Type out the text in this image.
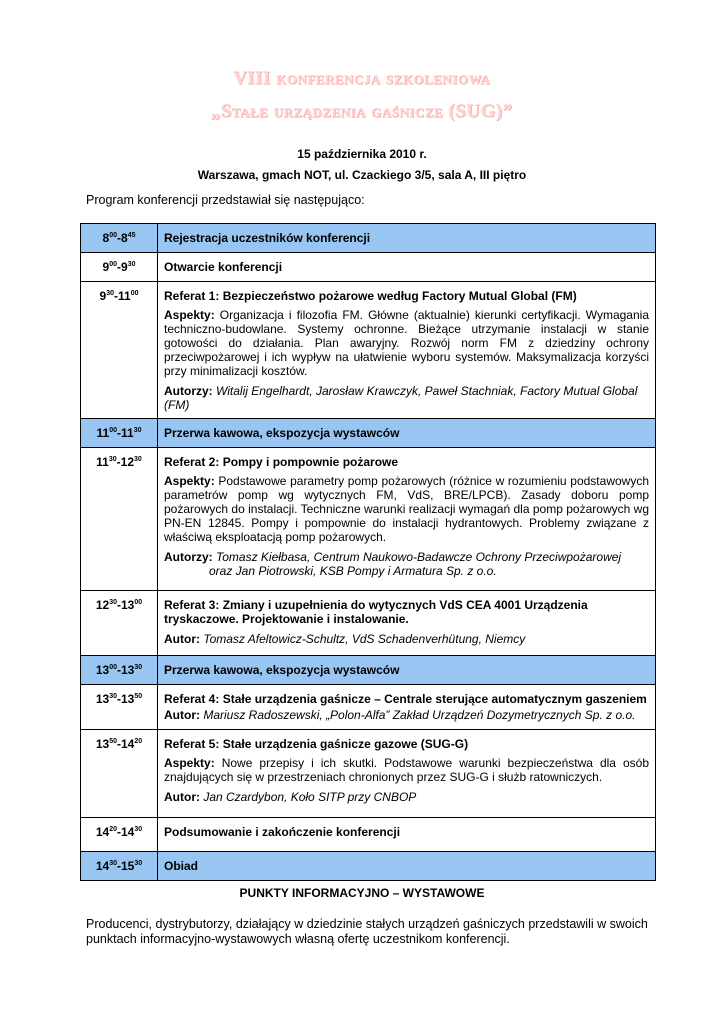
VIII konferencja szkoleniowa
„Stałe urządzenia gaśnicze (SUG)”
15 października 2010 r.
Warszawa, gmach NOT, ul. Czackiego 3/5, sala A, III piętro
Program konferencji przedstawiał się następująco:
$8^{00}-8^{45}$	Rejestracja uczestników konferencji

$9^{00}-9^{30}$	Otwarcie konferencji

$9^{30}-11^{00}$	Referat 1: Bezpieczeństwo pożarowe według Factory Mutual Global (FM)
Aspekty: Organizacja i filozofia FM. Główne (aktualnie) kierunki certyfikacji. Wymagania techniczno-budowlane. Systemy ochronne. Bieżące utrzymanie instalacji w stanie gotowości do działania. Plan awaryjny. Rozwój norm FM z dziedziny ochrony przeciwpożarowej i ich wypływ na ułatwienie wyboru systemów. Maksymalizacja korzyści przy minimalizacji kosztów.
Autorzy: Witalij Engelhardt, Jarosław Krawczyk, Paweł Stachniak, Factory Mutual Global (FM)

$11^{00}-11^{30}$	Przerwa kawowa, ekspozycja wystawców

$11^{30}-12^{30}$	Referat 2: Pompy i pompownie pożarowe
Aspekty: Podstawowe parametry pomp pożarowych (różnice w rozumieniu podstawowych parametrów pomp wg wytycznych FM, VdS, BRE/LPCB). Zasady doboru pomp pożarowych do instalacji. Techniczne warunki realizacji wymagań dla pomp pożarowych wg PN-EN 12845. Pompy i pompownie do instalacji hydrantowych. Problemy związane z właściwą eksploatacją pomp pożarowych.
Autorzy: Tomasz Kiełbasa, Centrum Naukowo-Badawcze Ochrony Przeciwpożarowej
oraz Jan Piotrowski, KSB Pompy i Armatura Sp. z o.o.

$12^{30}-13^{00}$	Referat 3: Zmiany i uzupełnienia do wytycznych VdS CEA 4001 Urządzenia tryskaczowe. Projektowanie i instalowanie.
Autor: Tomasz Afeltowicz-Schultz, VdS Schadenverhütung, Niemcy

$13^{00}-13^{30}$	Przerwa kawowa, ekspozycja wystawców

$13^{30}-13^{50}$	Referat 4: Stałe urządzenia gaśnicze – Centrale sterujące automatycznym gaszeniem
Autor: Mariusz Radoszewski, „Polon-Alfa” Zakład Urządzeń Dozymetrycznych Sp. z o.o.

$13^{50}-14^{20}$	Referat 5: Stałe urządzenia gaśnicze gazowe (SUG-G)
Aspekty: Nowe przepisy i ich skutki. Podstawowe warunki bezpieczeństwa dla osób znajdujących się w przestrzeniach chronionych przez SUG-G i służb ratowniczych.
Autor: Jan Czardybon, Koło SITP przy CNBOP

$14^{20}-14^{30}$	Podsumowanie i zakończenie konferencji

$14^{30}-15^{30}$	Obiad
PUNKTY INFORMACYJNO – WYSTAWOWE
Producenci, dystrybutorzy, działający w dziedzinie stałych urządzeń gaśniczych przedstawili w swoich punktach informacyjno-wystawowych własną ofertę uczestnikom konferencji.
